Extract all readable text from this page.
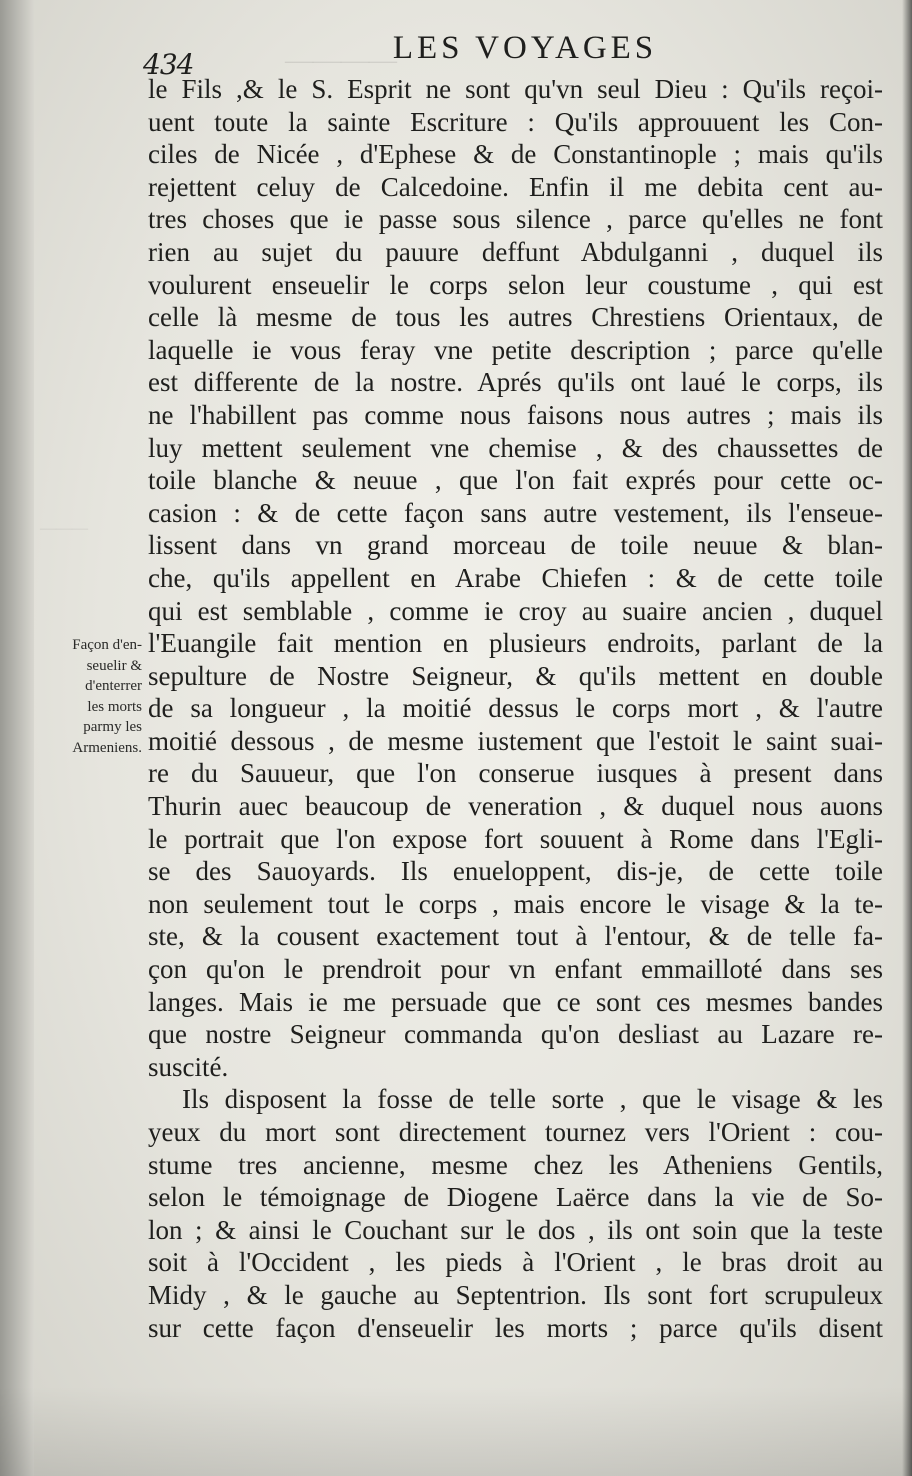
———
————
434	LES VOYAGES
le Fils ,& le S. Esprit ne sont qu'vn seul Dieu : Qu'ils reçoi-
uent toute la sainte Escriture : Qu'ils approuuent les Con-
ciles de Nicée , d'Ephese & de Constantinople ; mais qu'ils
rejettent celuy de Calcedoine. Enfin il me debita cent au-
tres choses que ie passe sous silence , parce qu'elles ne font
rien au sujet du pauure deffunt Abdulganni , duquel ils
voulurent enseuelir le corps selon leur coustume , qui est
celle là mesme de tous les autres Chrestiens Orientaux, de
laquelle ie vous feray vne petite description ; parce qu'elle
est differente de la nostre. Aprés qu'ils ont laué le corps, ils
ne l'habillent pas comme nous faisons nous autres ; mais ils
luy mettent seulement vne chemise , & des chaussettes de
toile blanche & neuue , que l'on fait exprés pour cette oc-
casion : & de cette façon sans autre vestement, ils l'enseue-
lissent dans vn grand morceau de toile neuue & blan-
che, qu'ils appellent en Arabe Chiefen : & de cette toile
qui est semblable , comme ie croy au suaire ancien , duquel
l'Euangile fait mention en plusieurs endroits, parlant de la
sepulture de Nostre Seigneur, & qu'ils mettent en double
de sa longueur , la moitié dessus le corps mort , & l'autre
moitié dessous , de mesme iustement que l'estoit le saint suai-
re du Sauueur, que l'on conserue iusques à present dans
Thurin auec beaucoup de veneration , & duquel nous auons
le portrait que l'on expose fort souuent à Rome dans l'Egli-
se des Sauoyards. Ils enueloppent, dis-je, de cette toile
non seulement tout le corps , mais encore le visage & la te-
ste, & la cousent exactement tout à l'entour, & de telle fa-
çon qu'on le prendroit pour vn enfant emmailloté dans ses
langes. Mais ie me persuade que ce sont ces mesmes bandes
que nostre Seigneur commanda qu'on desliast au Lazare re-
suscité.
Ils disposent la fosse de telle sorte , que le visage & les
yeux du mort sont directement tournez vers l'Orient : cou-
stume tres ancienne, mesme chez les Atheniens Gentils,
selon le témoignage de Diogene Laërce dans la vie de So-
lon ; & ainsi le Couchant sur le dos , ils ont soin que la teste
soit à l'Occident , les pieds à l'Orient , le bras droit au
Midy , & le gauche au Septentrion. Ils sont fort scrupuleux
sur cette façon d'enseuelir les morts ; parce qu'ils disent
Façon d'en-
seuelir &
d'enterrer
les morts
parmy les
Armeniens.
